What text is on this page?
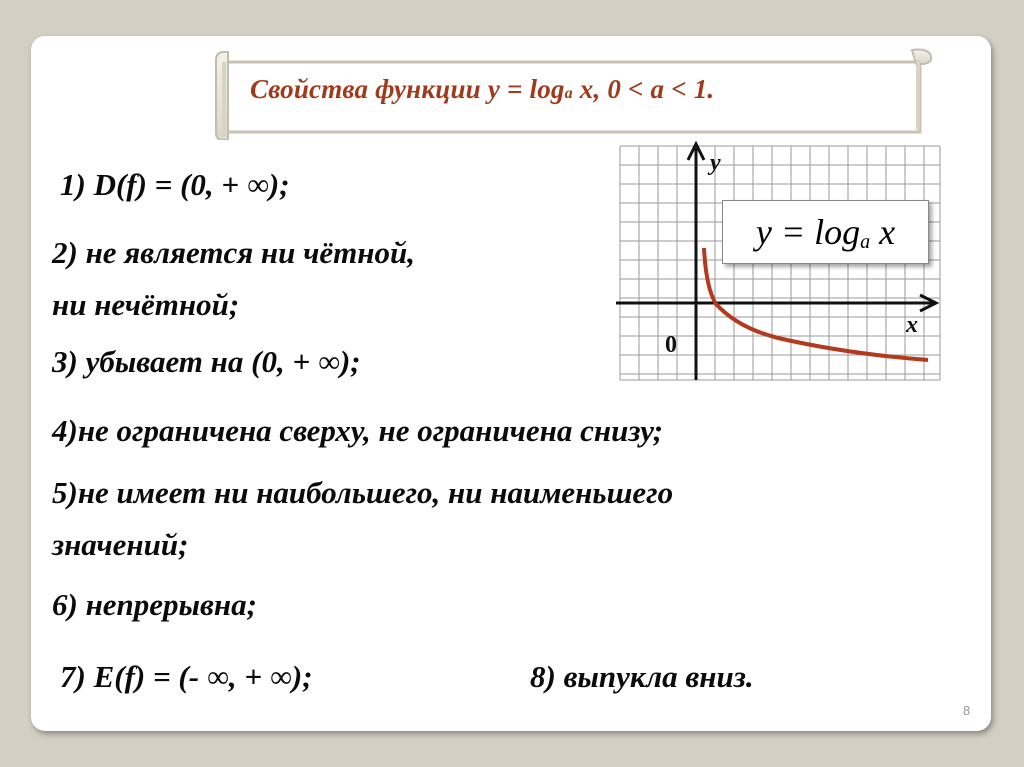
Свойства функции y = loga x, 0 < a < 1.
1) D(f) = (0, + ∞);
2) не является ни чётной,
ни нечётной;
3) убывает на (0, + ∞);
4)не ограничена сверху, не ограничена снизу;
5)не имеет ни наибольшего, ни наименьшего
значений;
6) непрерывна;
7) E(f) = (- ∞, + ∞);	8) выпукла вниз.
$y = \log_a x$
y
x
0
8
